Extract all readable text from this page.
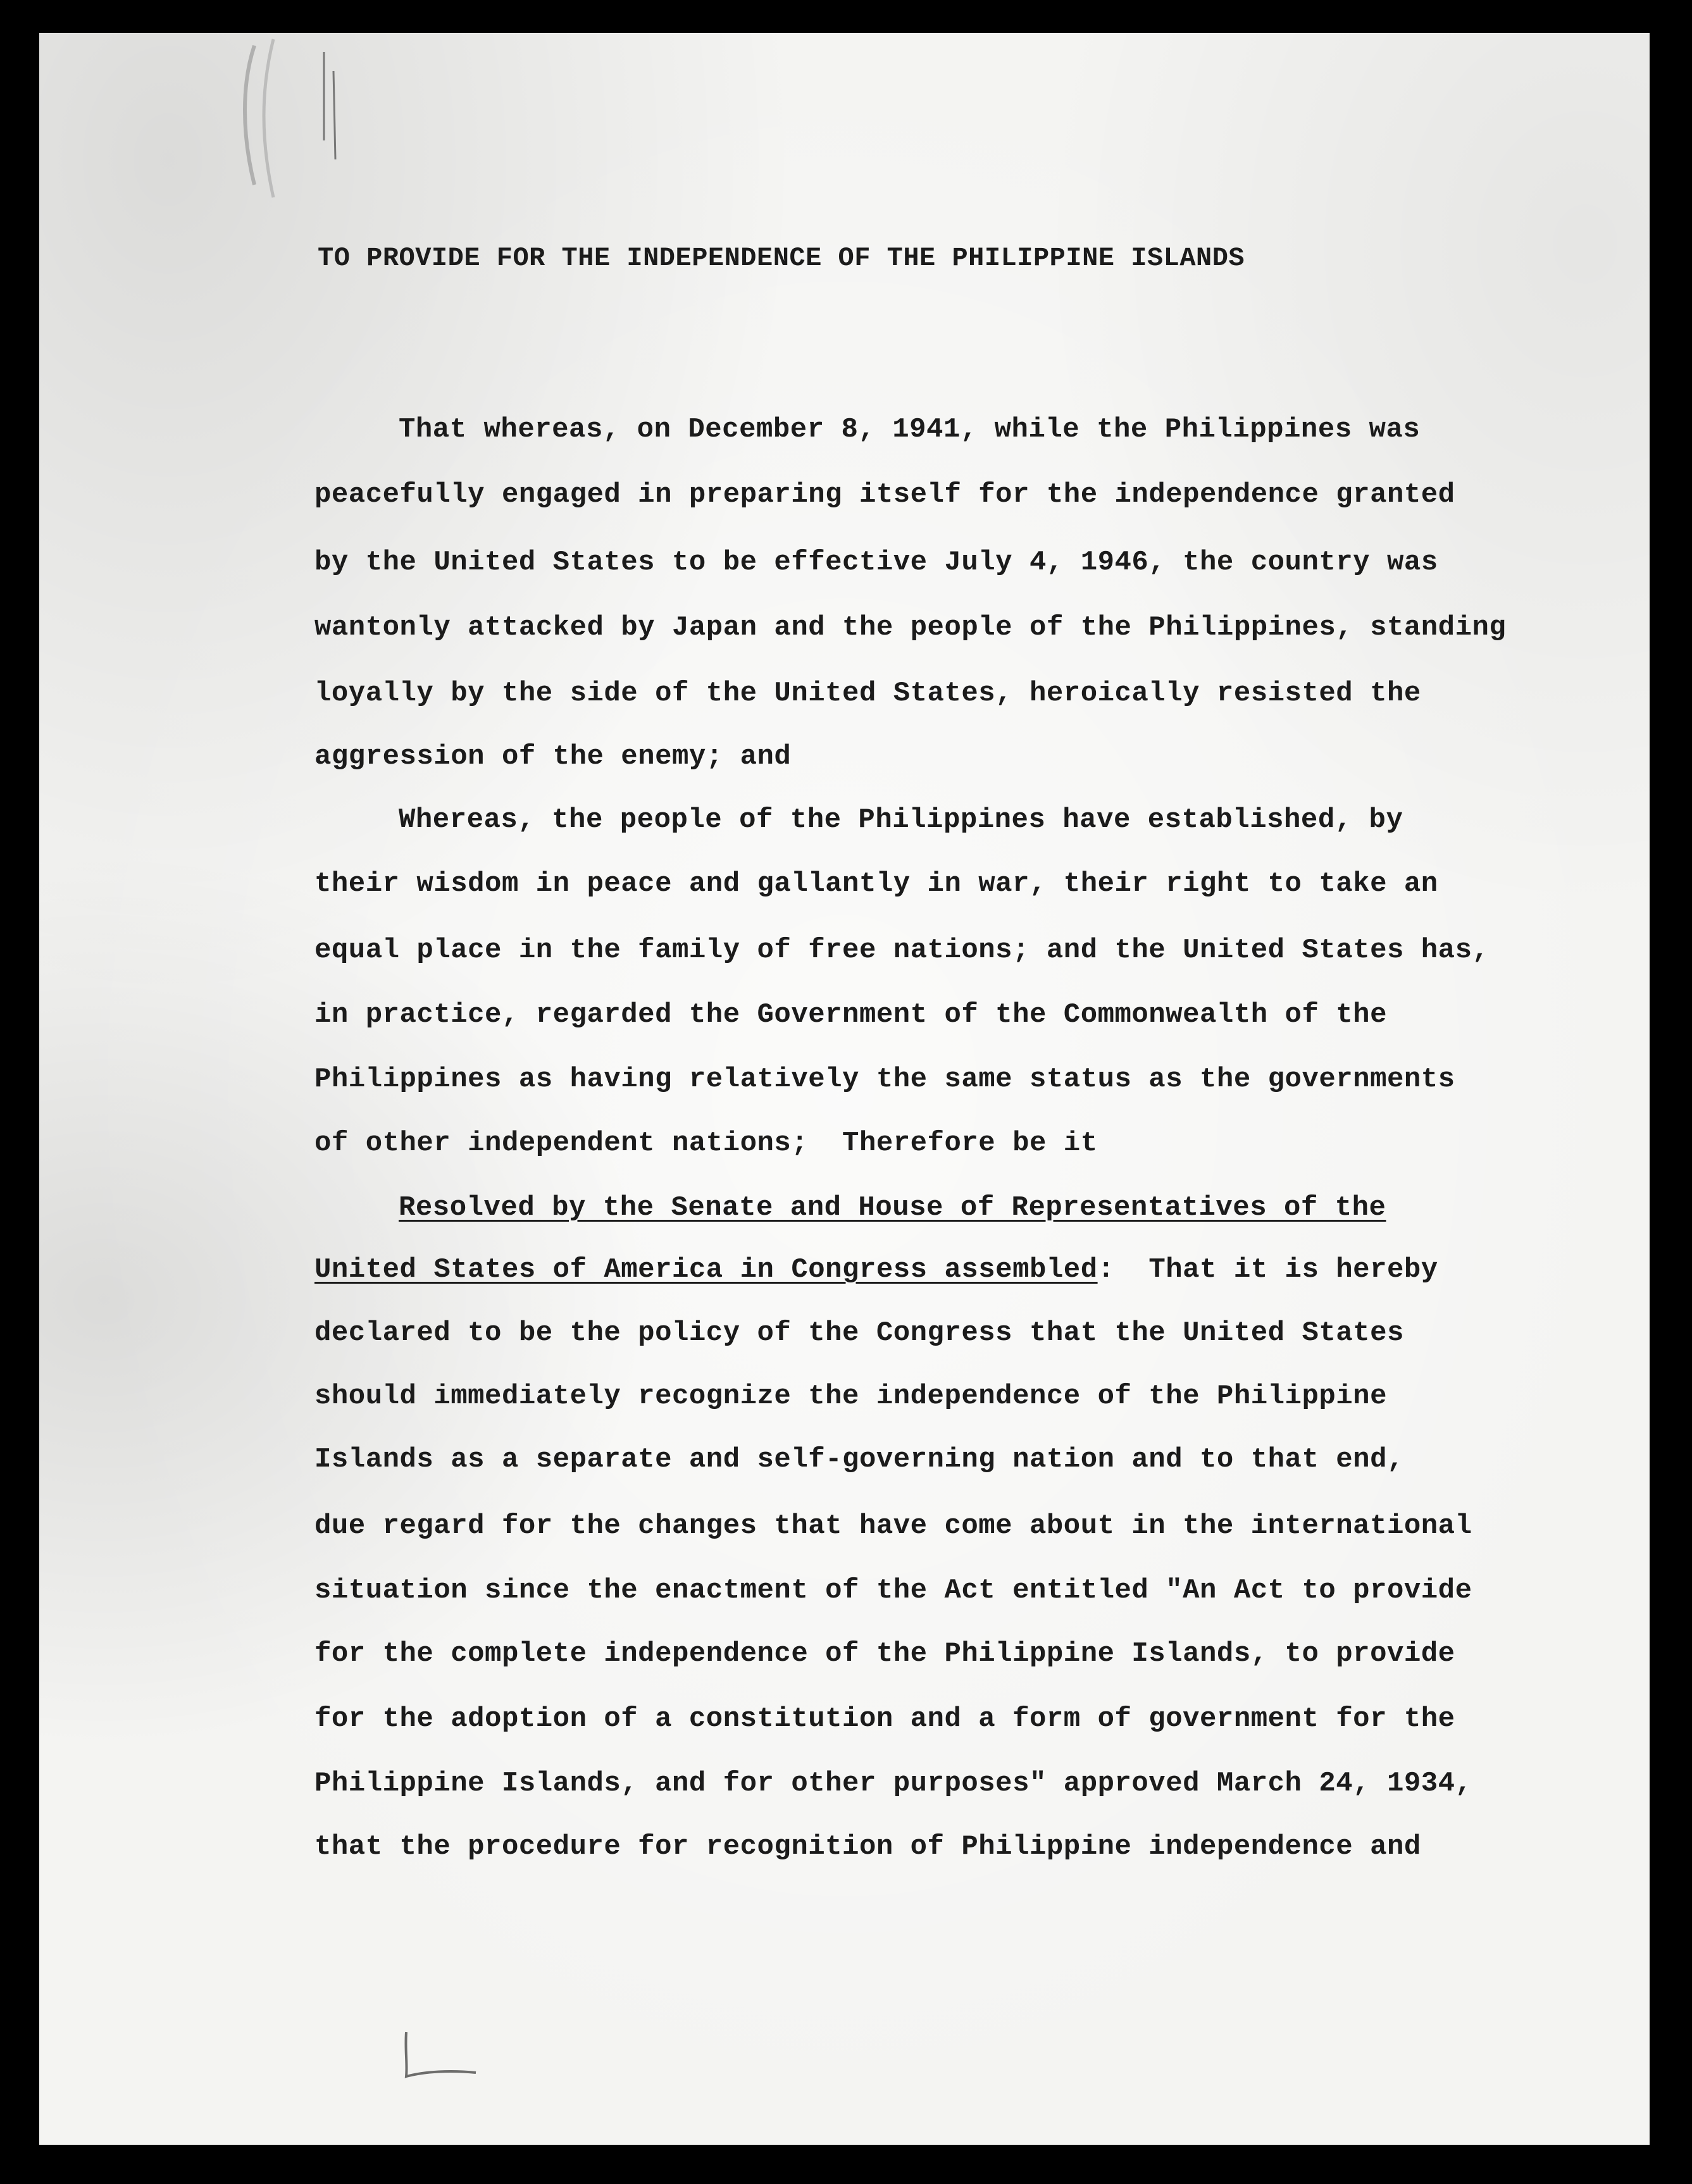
TO PROVIDE FOR THE INDEPENDENCE OF THE PHILIPPINE ISLANDS
That whereas, on December 8, 1941, while the Philippines was
peacefully engaged in preparing itself for the independence granted
by the United States to be effective July 4, 1946, the country was
wantonly attacked by Japan and the people of the Philippines, standing
loyally by the side of the United States, heroically resisted the
aggression of the enemy; and
Whereas, the people of the Philippines have established, by
their wisdom in peace and gallantly in war, their right to take an
equal place in the family of free nations; and the United States has,
in practice, regarded the Government of the Commonwealth of the
Philippines as having relatively the same status as the governments
of other independent nations;  Therefore be it
Resolved by the Senate and House of Representatives of the
United States of America in Congress assembled:  That it is hereby
declared to be the policy of the Congress that the United States
should immediately recognize the independence of the Philippine
Islands as a separate and self-governing nation and to that end,
due regard for the changes that have come about in the international
situation since the enactment of the Act entitled "An Act to provide
for the complete independence of the Philippine Islands, to provide
for the adoption of a constitution and a form of government for the
Philippine Islands, and for other purposes" approved March 24, 1934,
that the procedure for recognition of Philippine independence and
